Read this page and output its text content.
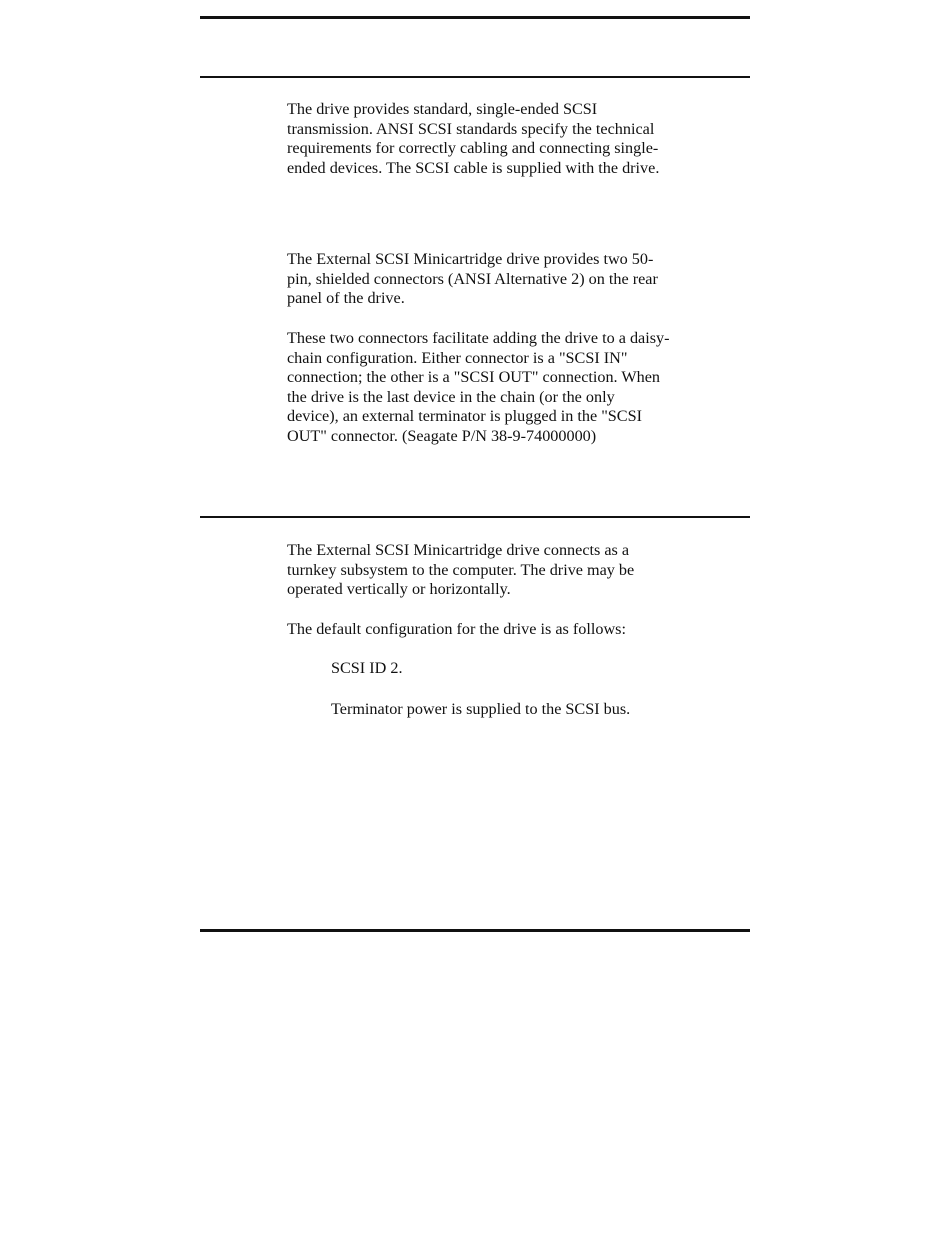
The drive provides standard, single-ended SCSI
transmission. ANSI SCSI standards specify the technical
requirements for correctly cabling and connecting single-
ended devices. The SCSI cable is supplied with the drive.

The External SCSI Minicartridge drive provides two 50-
pin, shielded connectors (ANSI Alternative 2) on the rear
panel of the drive.

These two connectors facilitate adding the drive to a daisy-
chain configuration. Either connector is a "SCSI IN"
connection; the other is a "SCSI OUT" connection. When
the drive is the last device in the chain (or the only
device), an external terminator is plugged in the "SCSI
OUT" connector. (Seagate P/N 38-9-74000000)

The External SCSI Minicartridge drive connects as a
turnkey subsystem to the computer. The drive may be
operated vertically or horizontally.

The default configuration for the drive is as follows:

SCSI ID 2.

Terminator power is supplied to the SCSI bus.
